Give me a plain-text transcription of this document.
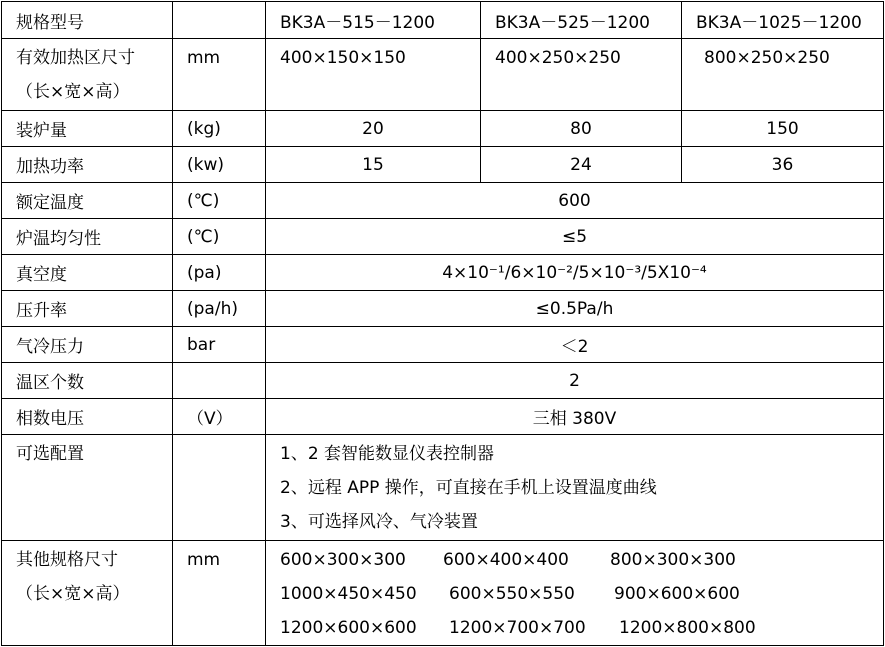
规格型号		BK3A－515－1200	BK3A－525－1200	BK3A－1025－1200

有效加热区尺寸
（长×宽×高）	mm	400×150×150	400×250×250	800×250×250

装炉量	(kg)	20	80	150
加热功率	(kw)	15	24	36
额定温度	(℃)	600		
炉温均匀性	(℃)	≤5		
真空度	(pa)	4×10⁻¹/6×10⁻²/5×10⁻³/5X10⁻⁴		
压升率	(pa/h)	≤0.5Pa/h		
气冷压力	bar	＜2		
温区个数		2		
相数电压	（V）	三相 380V		

可选配置		1、2 套智能数显仪表控制器
2、远程 APP 操作，可直接在手机上设置温度曲线
3、可选择风冷、气冷装置		

其他规格尺寸
（长×宽×高）	mm	600×300×300 600×400×400 800×300×300
1000×450×450 600×550×550 900×600×600
1200×600×600 1200×700×700 1200×800×800		
